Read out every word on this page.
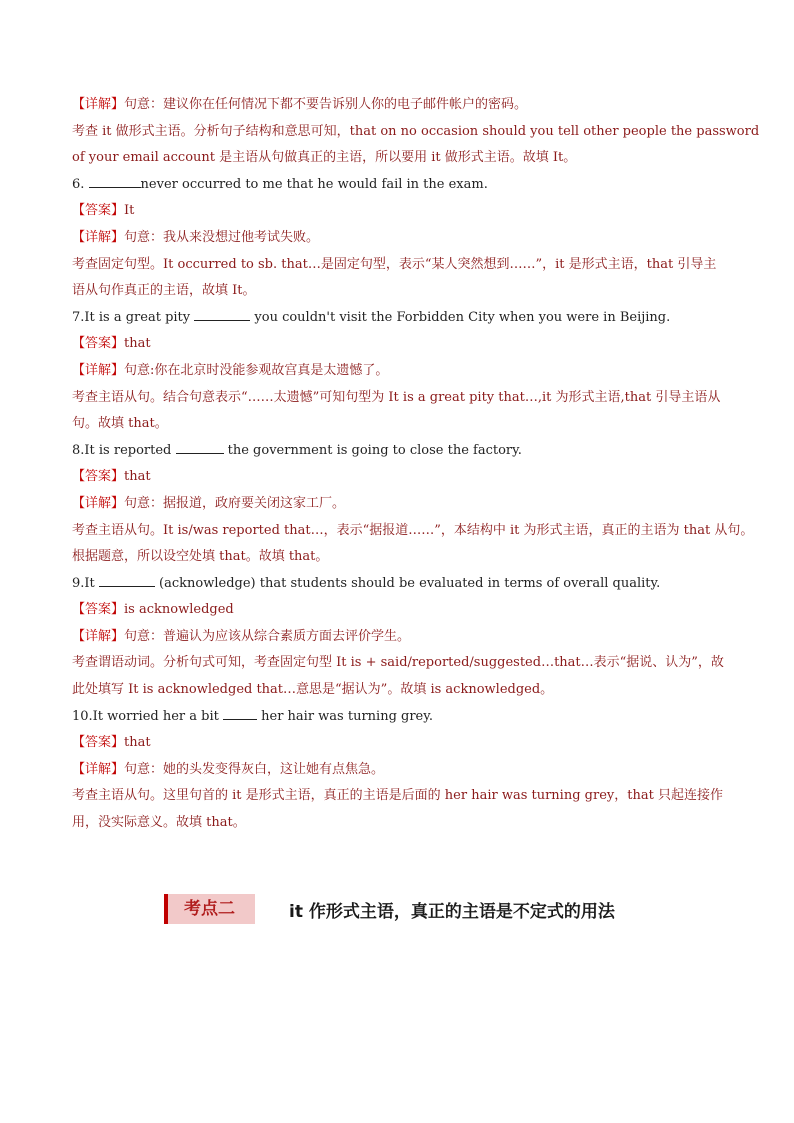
【详解】句意：建议你在任何情况下都不要告诉别人你的电子邮件帐户的密码。
考查 it 做形式主语。分析句子结构和意思可知，that on no occasion should you tell other people the password
of your email account 是主语从句做真正的主语，所以要用 it 做形式主语。故填 It。
6.	never occurred to me that he would fail in the exam.
【答案】It
【详解】句意：我从来没想过他考试失败。
考查固定句型。It occurred to sb. that…是固定句型，表示“某人突然想到……”，it 是形式主语，that 引导主
语从句作真正的主语，故填 It。
7.It is a great pity	you couldn't visit the Forbidden City when you were in Beijing.
【答案】that
【详解】句意:你在北京时没能参观故宫真是太遗憾了。
考查主语从句。结合句意表示“……太遗憾”可知句型为 It is a great pity that…,it 为形式主语,that 引导主语从
句。故填 that。
8.It is reported	the government is going to close the factory.
【答案】that
【详解】句意：据报道，政府要关闭这家工厂。
考查主语从句。It is/was reported that…，表示“据报道……”，本结构中 it 为形式主语，真正的主语为 that 从句。
根据题意，所以设空处填 that。故填 that。
9.It	(acknowledge) that students should be evaluated in terms of overall quality.
【答案】is acknowledged
【详解】句意：普遍认为应该从综合素质方面去评价学生。
考查谓语动词。分析句式可知，考查固定句型 It is + said/reported/suggested…that…表示“据说、认为”，故
此处填写 It is acknowledged that…意思是“据认为”。故填 is acknowledged。
10.It worried her a bit	her hair was turning grey.
【答案】that
【详解】句意：她的头发变得灰白，这让她有点焦急。
考查主语从句。这里句首的 it 是形式主语，真正的主语是后面的 her hair was turning grey，that 只起连接作
用，没实际意义。故填 that。
考点二	it 作形式主语，真正的主语是不定式的用法
